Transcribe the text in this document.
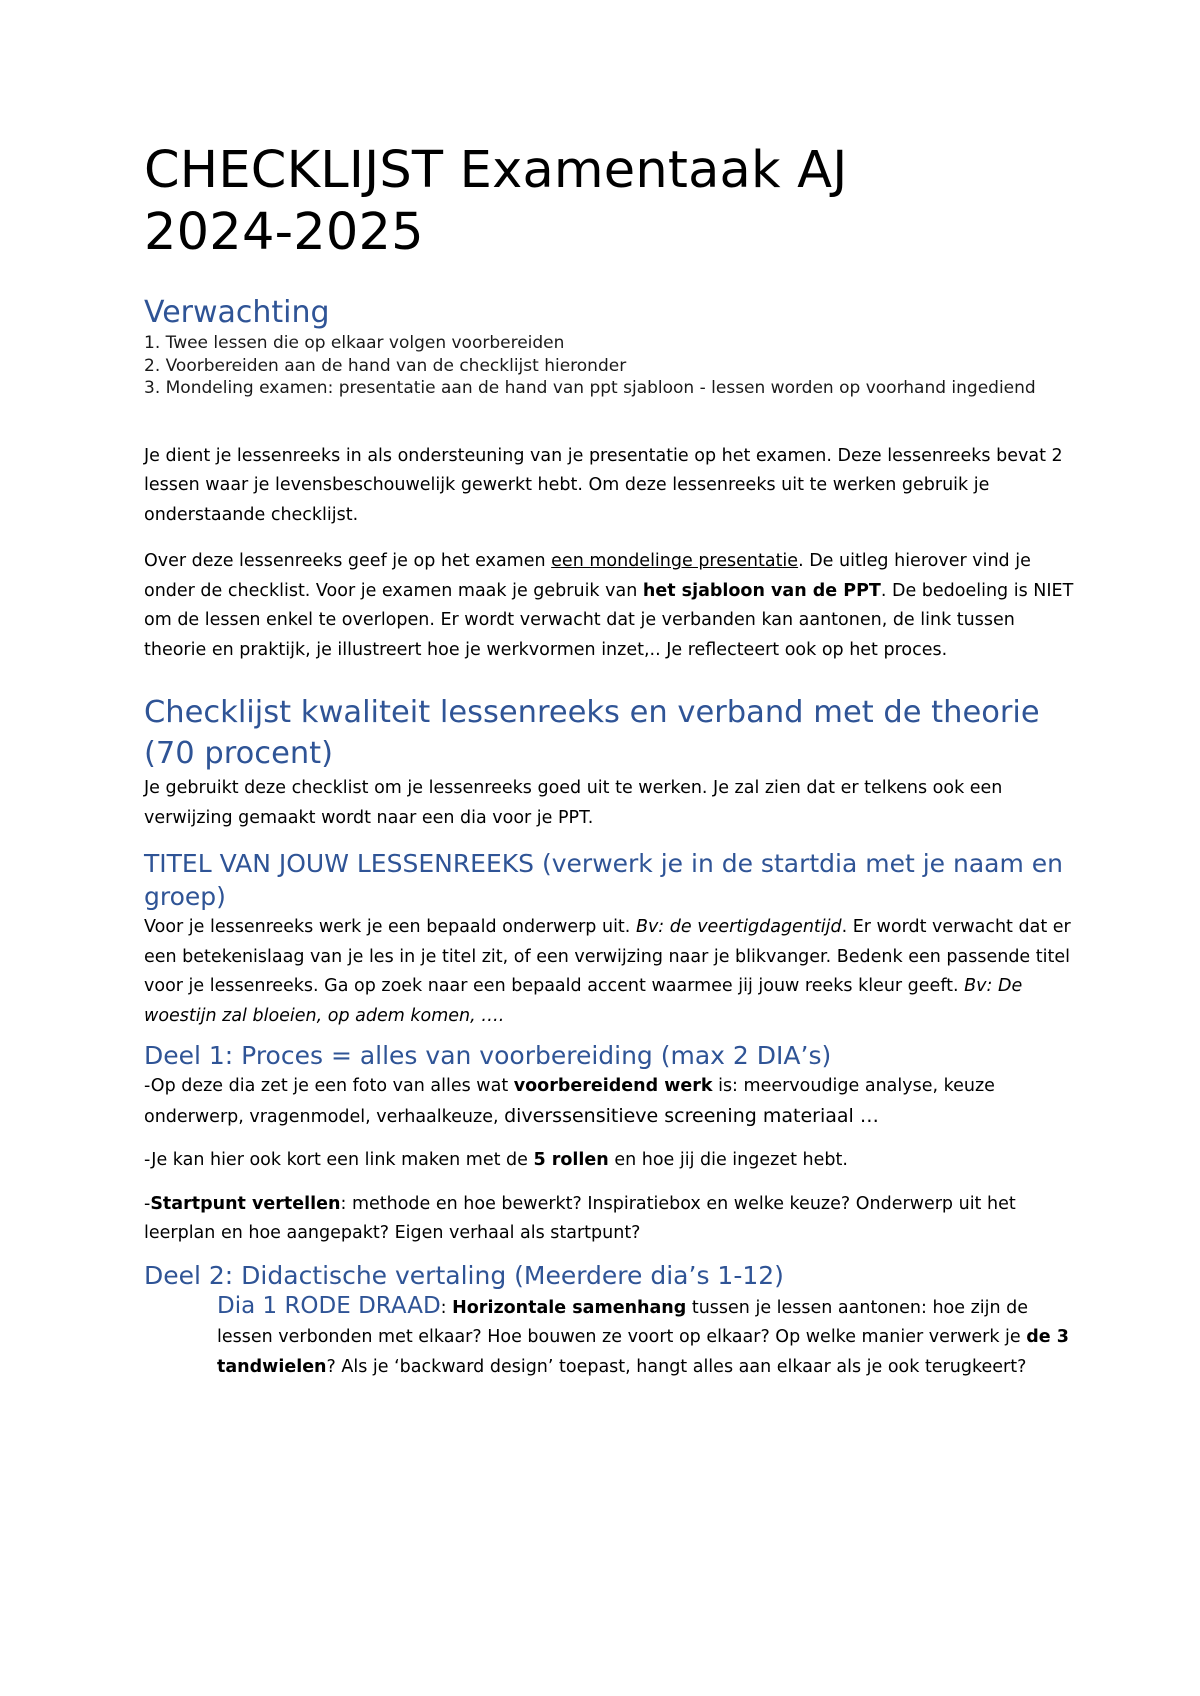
CHECKLIJST Examentaak AJ
2024-2025
Verwachting
1. Twee lessen die op elkaar volgen voorbereiden
2. Voorbereiden aan de hand van de checklijst hieronder
3. Mondeling examen: presentatie aan de hand van ppt sjabloon - lessen worden op voorhand ingediend

Je dient je lessenreeks in als ondersteuning van je presentatie op het examen. Deze lessenreeks bevat 2 lessen waar je levensbeschouwelijk gewerkt hebt. Om deze lessenreeks uit te werken gebruik je onderstaande checklijst.

Over deze lessenreeks geef je op het examen een mondelinge presentatie. De uitleg hierover vind je onder de checklist. Voor je examen maak je gebruik van het sjabloon van de PPT. De bedoeling is NIET om de lessen enkel te overlopen. Er wordt verwacht dat je verbanden kan aantonen, de link tussen theorie en praktijk, je illustreert hoe je werkvormen inzet,.. Je reflecteert ook op het proces.

Checklijst kwaliteit lessenreeks en verband met de theorie (70 procent)

Je gebruikt deze checklist om je lessenreeks goed uit te werken. Je zal zien dat er telkens ook een verwijzing gemaakt wordt naar een dia voor je PPT.

TITEL VAN JOUW LESSENREEKS (verwerk je in de startdia met je naam en groep)

Voor je lessenreeks werk je een bepaald onderwerp uit. Bv: de veertigdagentijd. Er wordt verwacht dat er een betekenislaag van je les in je titel zit, of een verwijzing naar je blikvanger. Bedenk een passende titel voor je lessenreeks. Ga op zoek naar een bepaald accent waarmee jij jouw reeks kleur geeft. Bv: De woestijn zal bloeien, op adem komen, ….

Deel 1: Proces = alles van voorbereiding (max 2 DIA’s)

-Op deze dia zet je een foto van alles wat voorbereidend werk is: meervoudige analyse, keuze onderwerp, vragenmodel, verhaalkeuze, diverssensitieve screening materiaal …

-Je kan hier ook kort een link maken met de 5 rollen en hoe jij die ingezet hebt.

-Startpunt vertellen: methode en hoe bewerkt? Inspiratiebox en welke keuze? Onderwerp uit het leerplan en hoe aangepakt? Eigen verhaal als startpunt?

Deel 2: Didactische vertaling (Meerdere dia’s 1-12)

Dia 1 RODE DRAAD: Horizontale samenhang tussen je lessen aantonen: hoe zijn de lessen verbonden met elkaar? Hoe bouwen ze voort op elkaar? Op welke manier verwerk je de 3 tandwielen? Als je ‘backward design’ toepast, hangt alles aan elkaar als je ook terugkeert?
